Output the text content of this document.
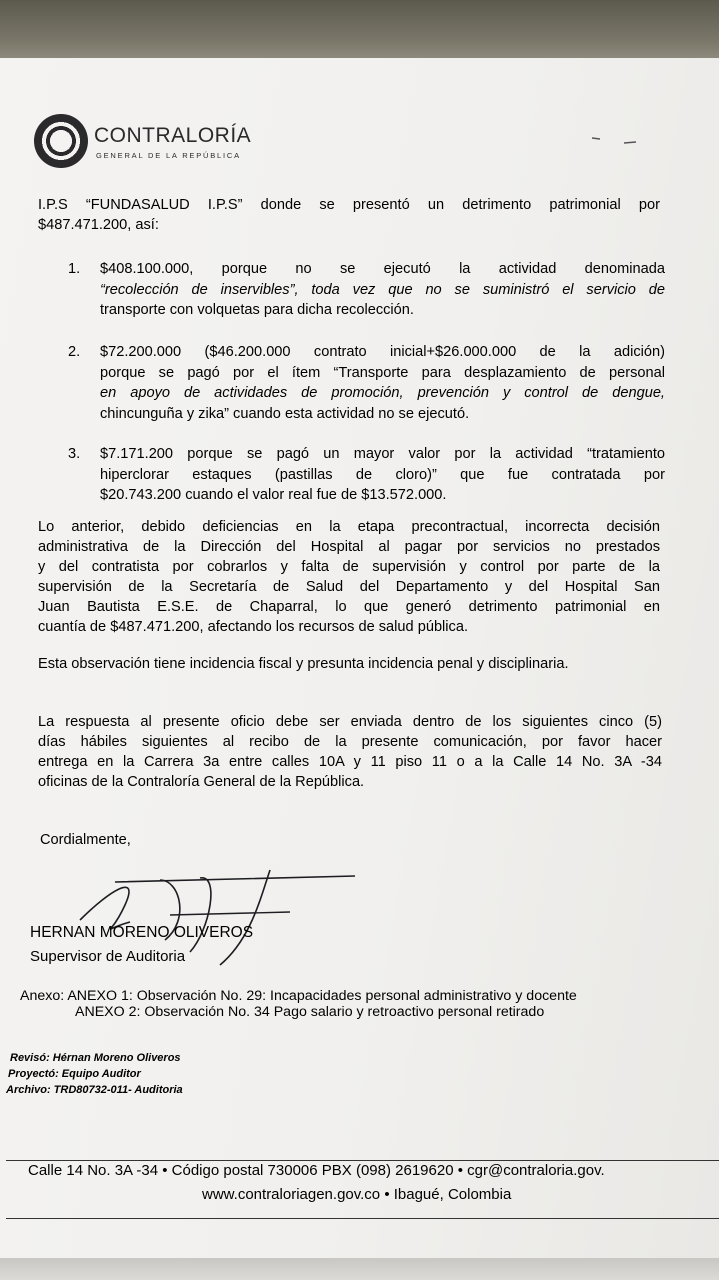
CONTRALORÍA
GENERAL DE LA REPÚBLICA
I.P.S “FUNDASALUD I.P.S” donde se presentó un detrimento patrimonial por
$487.471.200, así:
1.	$408.100.000, porque no se ejecutó la actividad denominada
“recolección de inservibles”, toda vez que no se suministró el servicio de
transporte con volquetas para dicha recolección.
2.	$72.200.000 ($46.200.000 contrato inicial+$26.000.000 de la adición)
porque se pagó por el ítem “Transporte para desplazamiento de personal
en apoyo de actividades de promoción, prevención y control de dengue,
chincunguña y zika” cuando esta actividad no se ejecutó.
3.	$7.171.200 porque se pagó un mayor valor por la actividad “tratamiento
hiperclorar estaques (pastillas de cloro)” que fue contratada por
$20.743.200 cuando el valor real fue de $13.572.000.
Lo anterior, debido deficiencias en la etapa precontractual, incorrecta decisión
administrativa de la Dirección del Hospital al pagar por servicios no prestados
y del contratista por cobrarlos y falta de supervisión y control por parte de la
supervisión de la Secretaría de Salud del Departamento y del Hospital San
Juan Bautista E.S.E. de Chaparral, lo que generó detrimento patrimonial en
cuantía de $487.471.200, afectando los recursos de salud pública.
Esta observación tiene incidencia fiscal y presunta incidencia penal y disciplinaria.
La respuesta al presente oficio debe ser enviada dentro de los siguientes cinco (5)
días hábiles siguientes al recibo de la presente comunicación, por favor hacer
entrega en la Carrera 3a entre calles 10A y 11 piso 11 o a la Calle 14 No. 3A -34
oficinas de la Contraloría General de la República.
Cordialmente,
HERNAN MORENO OLIVEROS
Supervisor de Auditoria
Anexo: ANEXO 1: Observación No. 29: Incapacidades personal administrativo y docente
ANEXO 2: Observación No. 34 Pago salario y retroactivo personal retirado
Revisó: Hérnan Moreno Oliveros
Proyectó: Equipo Auditor
Archivo: TRD80732-011- Auditoria
Calle 14 No. 3A -34 • Código postal 730006 PBX (098) 2619620 • cgr@contraloria.gov.
www.contraloriagen.gov.co • Ibagué, Colombia
